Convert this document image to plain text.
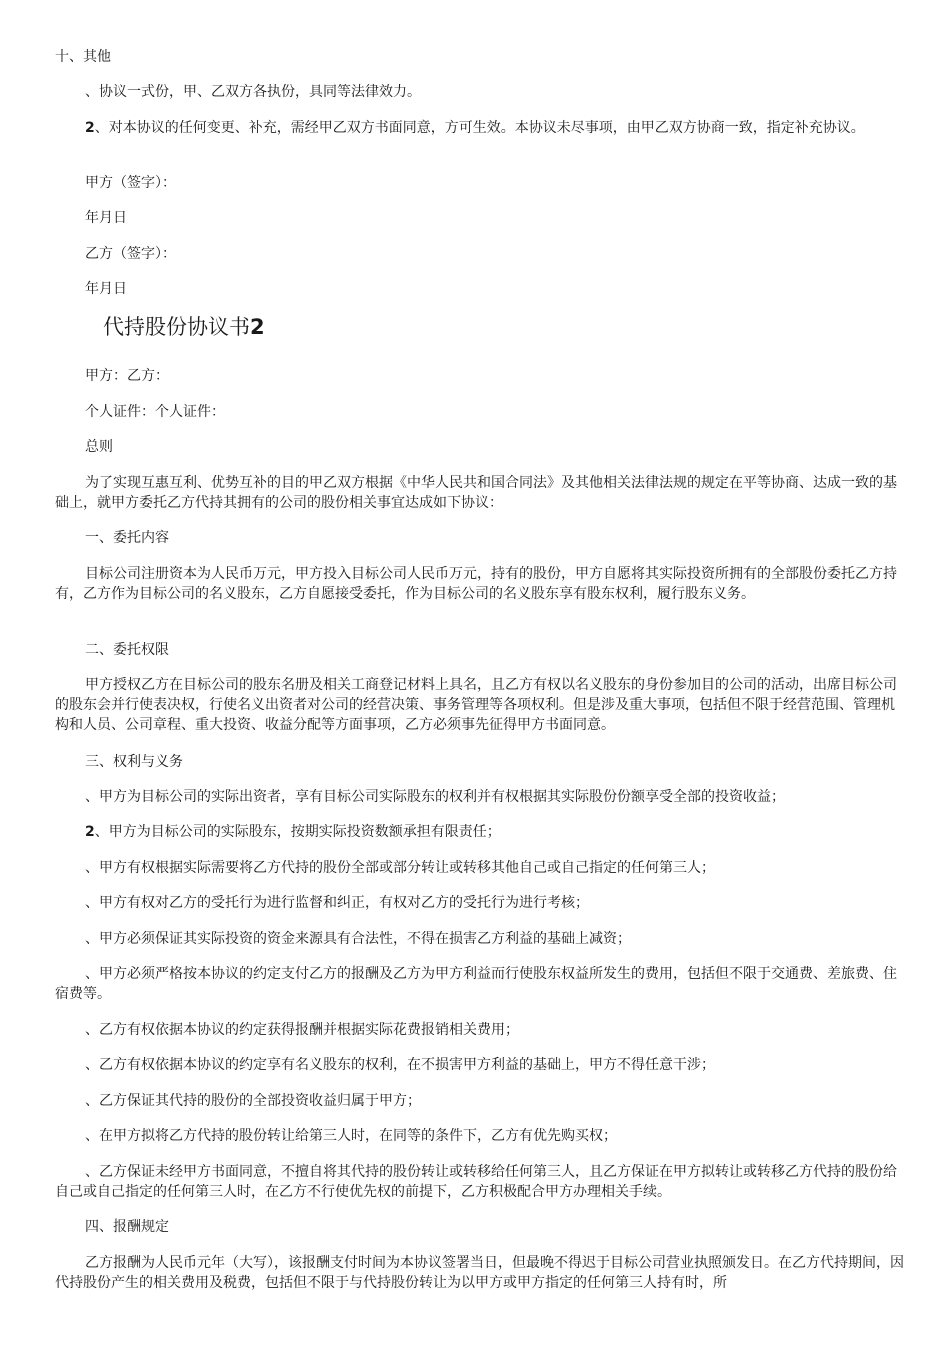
十、其他

、协议一式份，甲、乙双方各执份，具同等法律效力。

2、对本协议的任何变更、补充，需经甲乙双方书面同意，方可生效。本协议未尽事项，由甲乙双方协商一致，指定补充协议。

甲方（签字）：

年月日

乙方（签字）：

年月日

代持股份协议书2

甲方：乙方：

个人证件：个人证件：

总则

为了实现互惠互利、优势互补的目的甲乙双方根据《中华人民共和国合同法》及其他相关法律法规的规定在平等协商、达成一致的基础上，就甲方委托乙方代持其拥有的公司的股份相关事宜达成如下协议：

一、委托内容

目标公司注册资本为人民币万元，甲方投入目标公司人民币万元，持有的股份，甲方自愿将其实际投资所拥有的全部股份委托乙方持有，乙方作为目标公司的名义股东，乙方自愿接受委托，作为目标公司的名义股东享有股东权利，履行股东义务。

二、委托权限

甲方授权乙方在目标公司的股东名册及相关工商登记材料上具名，且乙方有权以名义股东的身份参加目的公司的活动，出席目标公司的股东会并行使表决权，行使名义出资者对公司的经营决策、事务管理等各项权利。但是涉及重大事项，包括但不限于经营范围、管理机构和人员、公司章程、重大投资、收益分配等方面事项，乙方必须事先征得甲方书面同意。

三、权利与义务

、甲方为目标公司的实际出资者，享有目标公司实际股东的权利并有权根据其实际股份份额享受全部的投资收益；

2、甲方为目标公司的实际股东，按期实际投资数额承担有限责任；

、甲方有权根据实际需要将乙方代持的股份全部或部分转让或转移其他自己或自己指定的任何第三人；

、甲方有权对乙方的受托行为进行监督和纠正，有权对乙方的受托行为进行考核；

、甲方必须保证其实际投资的资金来源具有合法性，不得在损害乙方利益的基础上减资；

、甲方必须严格按本协议的约定支付乙方的报酬及乙方为甲方利益而行使股东权益所发生的费用，包括但不限于交通费、差旅费、住宿费等。

、乙方有权依据本协议的约定获得报酬并根据实际花费报销相关费用；

、乙方有权依据本协议的约定享有名义股东的权利，在不损害甲方利益的基础上，甲方不得任意干涉；

、乙方保证其代持的股份的全部投资收益归属于甲方；

、在甲方拟将乙方代持的股份转让给第三人时，在同等的条件下，乙方有优先购买权；

、乙方保证未经甲方书面同意，不擅自将其代持的股份转让或转移给任何第三人，且乙方保证在甲方拟转让或转移乙方代持的股份给自己或自己指定的任何第三人时，在乙方不行使优先权的前提下，乙方积极配合甲方办理相关手续。

四、报酬规定

乙方报酬为人民币元年（大写），该报酬支付时间为本协议签署当日，但最晚不得迟于目标公司营业执照颁发日。在乙方代持期间，因代持股份产生的相关费用及税费，包括但不限于与代持股份转让为以甲方或甲方指定的任何第三人持有时，所
